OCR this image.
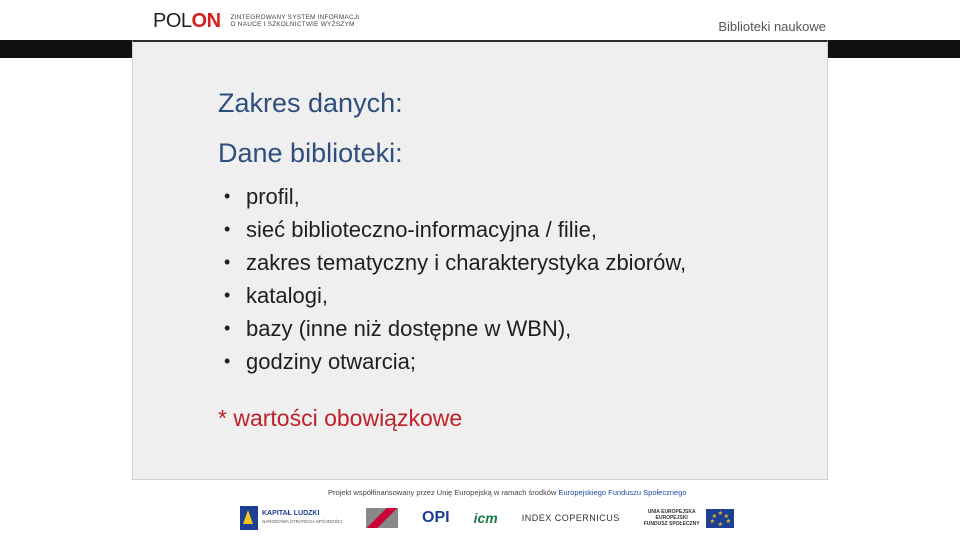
POLON ZINTEGROWANY SYSTEM INFORMACJI
O NAUCE I SZKOLNICTWIE WYŻSZYM	Biblioteki naukowe
Zakres danych:
Dane biblioteki:
• profil,
• sieć biblioteczno-informacyjna / filie,
• zakres tematyczny i charakterystyka zbiorów,
• katalogi,
• bazy (inne niż dostępne w WBN),
• godziny otwarcia;
* wartości obowiązkowe
Projekt współfinansowany przez Unię Europejską w ramach środków Europejskiego Funduszu Społecznego
KAPITAŁ LUDZKI
NARODOWA STRATEGIA SPÓJNOŚCI	OPI icm	INDEX COPERNICUS
UNIA EUROPEJSKA
EUROPEJSKI
FUNDUSZ SPOŁECZNY
★
★ ★
★ ★
★
